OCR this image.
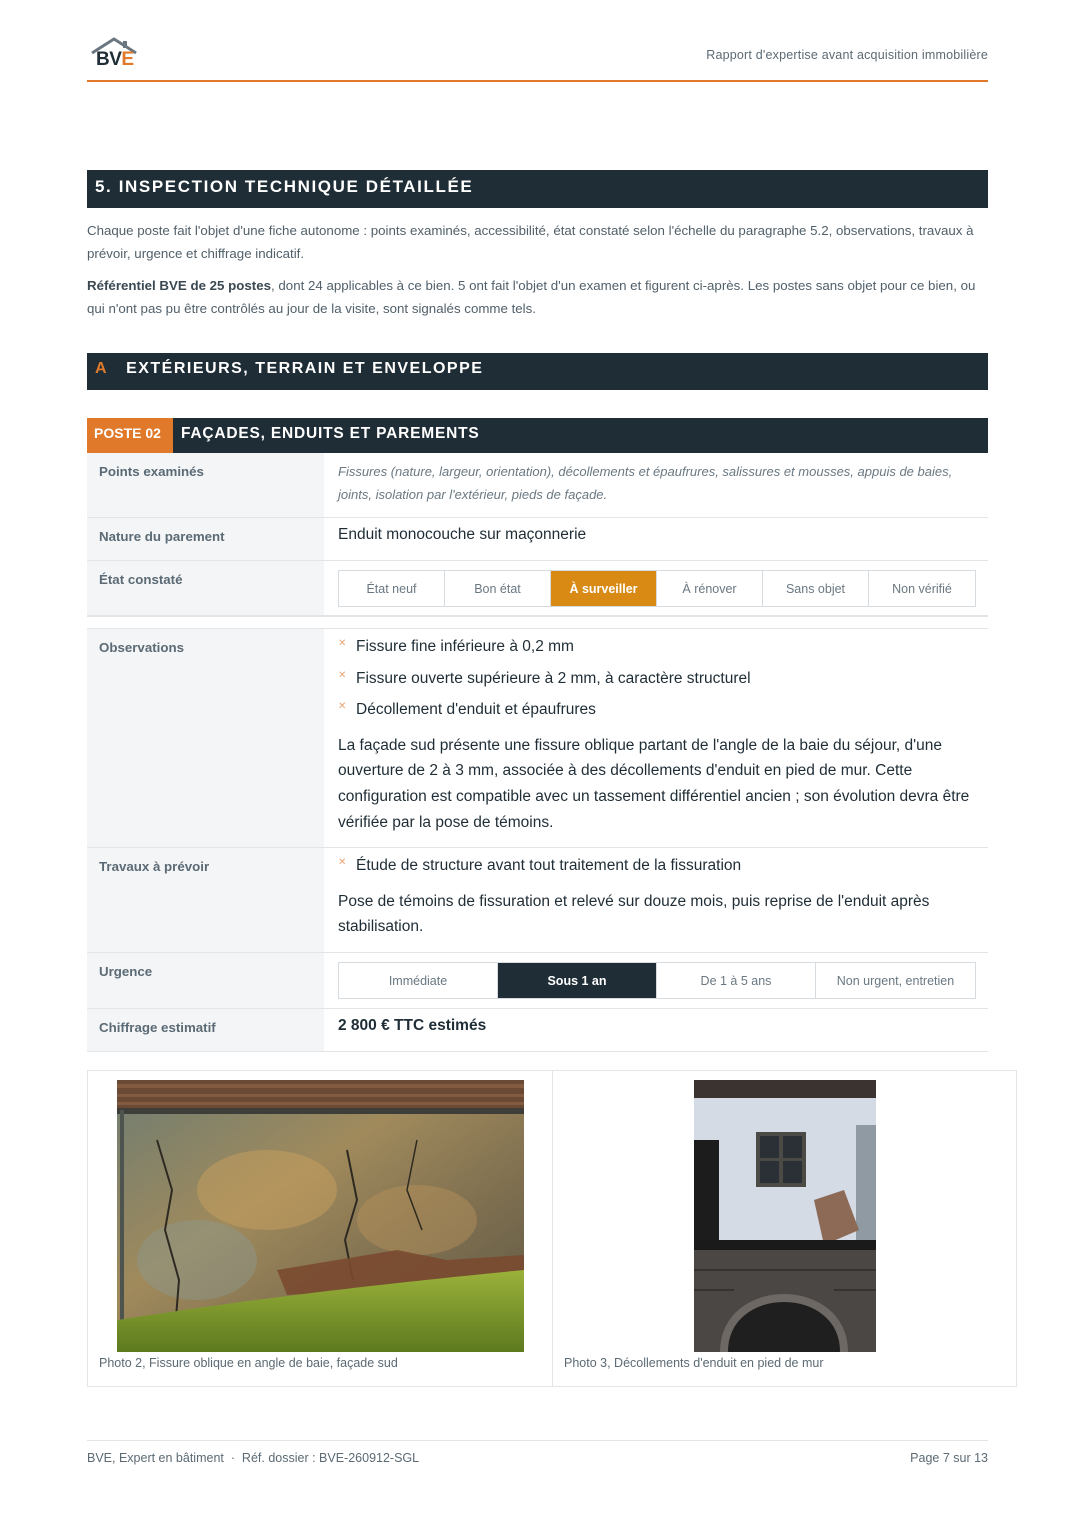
BVE	Rapport d'expertise avant acquisition immobilière
5. INSPECTION TECHNIQUE DÉTAILLÉE

Chaque poste fait l'objet d'une fiche autonome : points examinés, accessibilité, état constaté selon l'échelle du paragraphe 5.2, observations, travaux à prévoir, urgence et chiffrage indicatif.

Référentiel BVE de 25 postes, dont 24 applicables à ce bien. 5 ont fait l'objet d'un examen et figurent ci-après. Les postes sans objet pour ce bien, ou qui n'ont pas pu être contrôlés au jour de la visite, sont signalés comme tels.

A EXTÉRIEURS, TERRAIN ET ENVELOPPE
POSTE 02	FAÇADES, ENDUITS ET PAREMENTS
Points examinés	Fissures (nature, largeur, orientation), décollements et épaufrures, salissures et mousses, appuis de baies, joints, isolation par l'extérieur, pieds de façade.
Nature du parement	Enduit monocouche sur maçonnerie
État constaté
État neuf	Bon état	À surveiller	À rénover	Sans objet	Non vérifié
Observations	✕ Fissure fine inférieure à 0,2 mm
✕ Fissure ouverte supérieure à 2 mm, à caractère structurel
✕ Décollement d'enduit et épaufrures

La façade sud présente une fissure oblique partant de l'angle de la baie du séjour, d'une ouverture de 2 à 3 mm, associée à des décollements d'enduit en pied de mur. Cette configuration est compatible avec un tassement différentiel ancien ; son évolution devra être vérifiée par la pose de témoins.

Travaux à prévoir	✕ Étude de structure avant tout traitement de la fissuration

Pose de témoins de fissuration et relevé sur douze mois, puis reprise de l'enduit après stabilisation.

Urgence
Immédiate	Sous 1 an	De 1 à 5 ans	Non urgent, entretien
Chiffrage estimatif	2 800 € TTC estimés
Photo 2, Fissure oblique en angle de baie, façade sud	Photo 3, Décollements d'enduit en pied de mur
BVE, Expert en bâtiment  ·  Réf. dossier : BVE-260912-SGL	Page 7 sur 13
